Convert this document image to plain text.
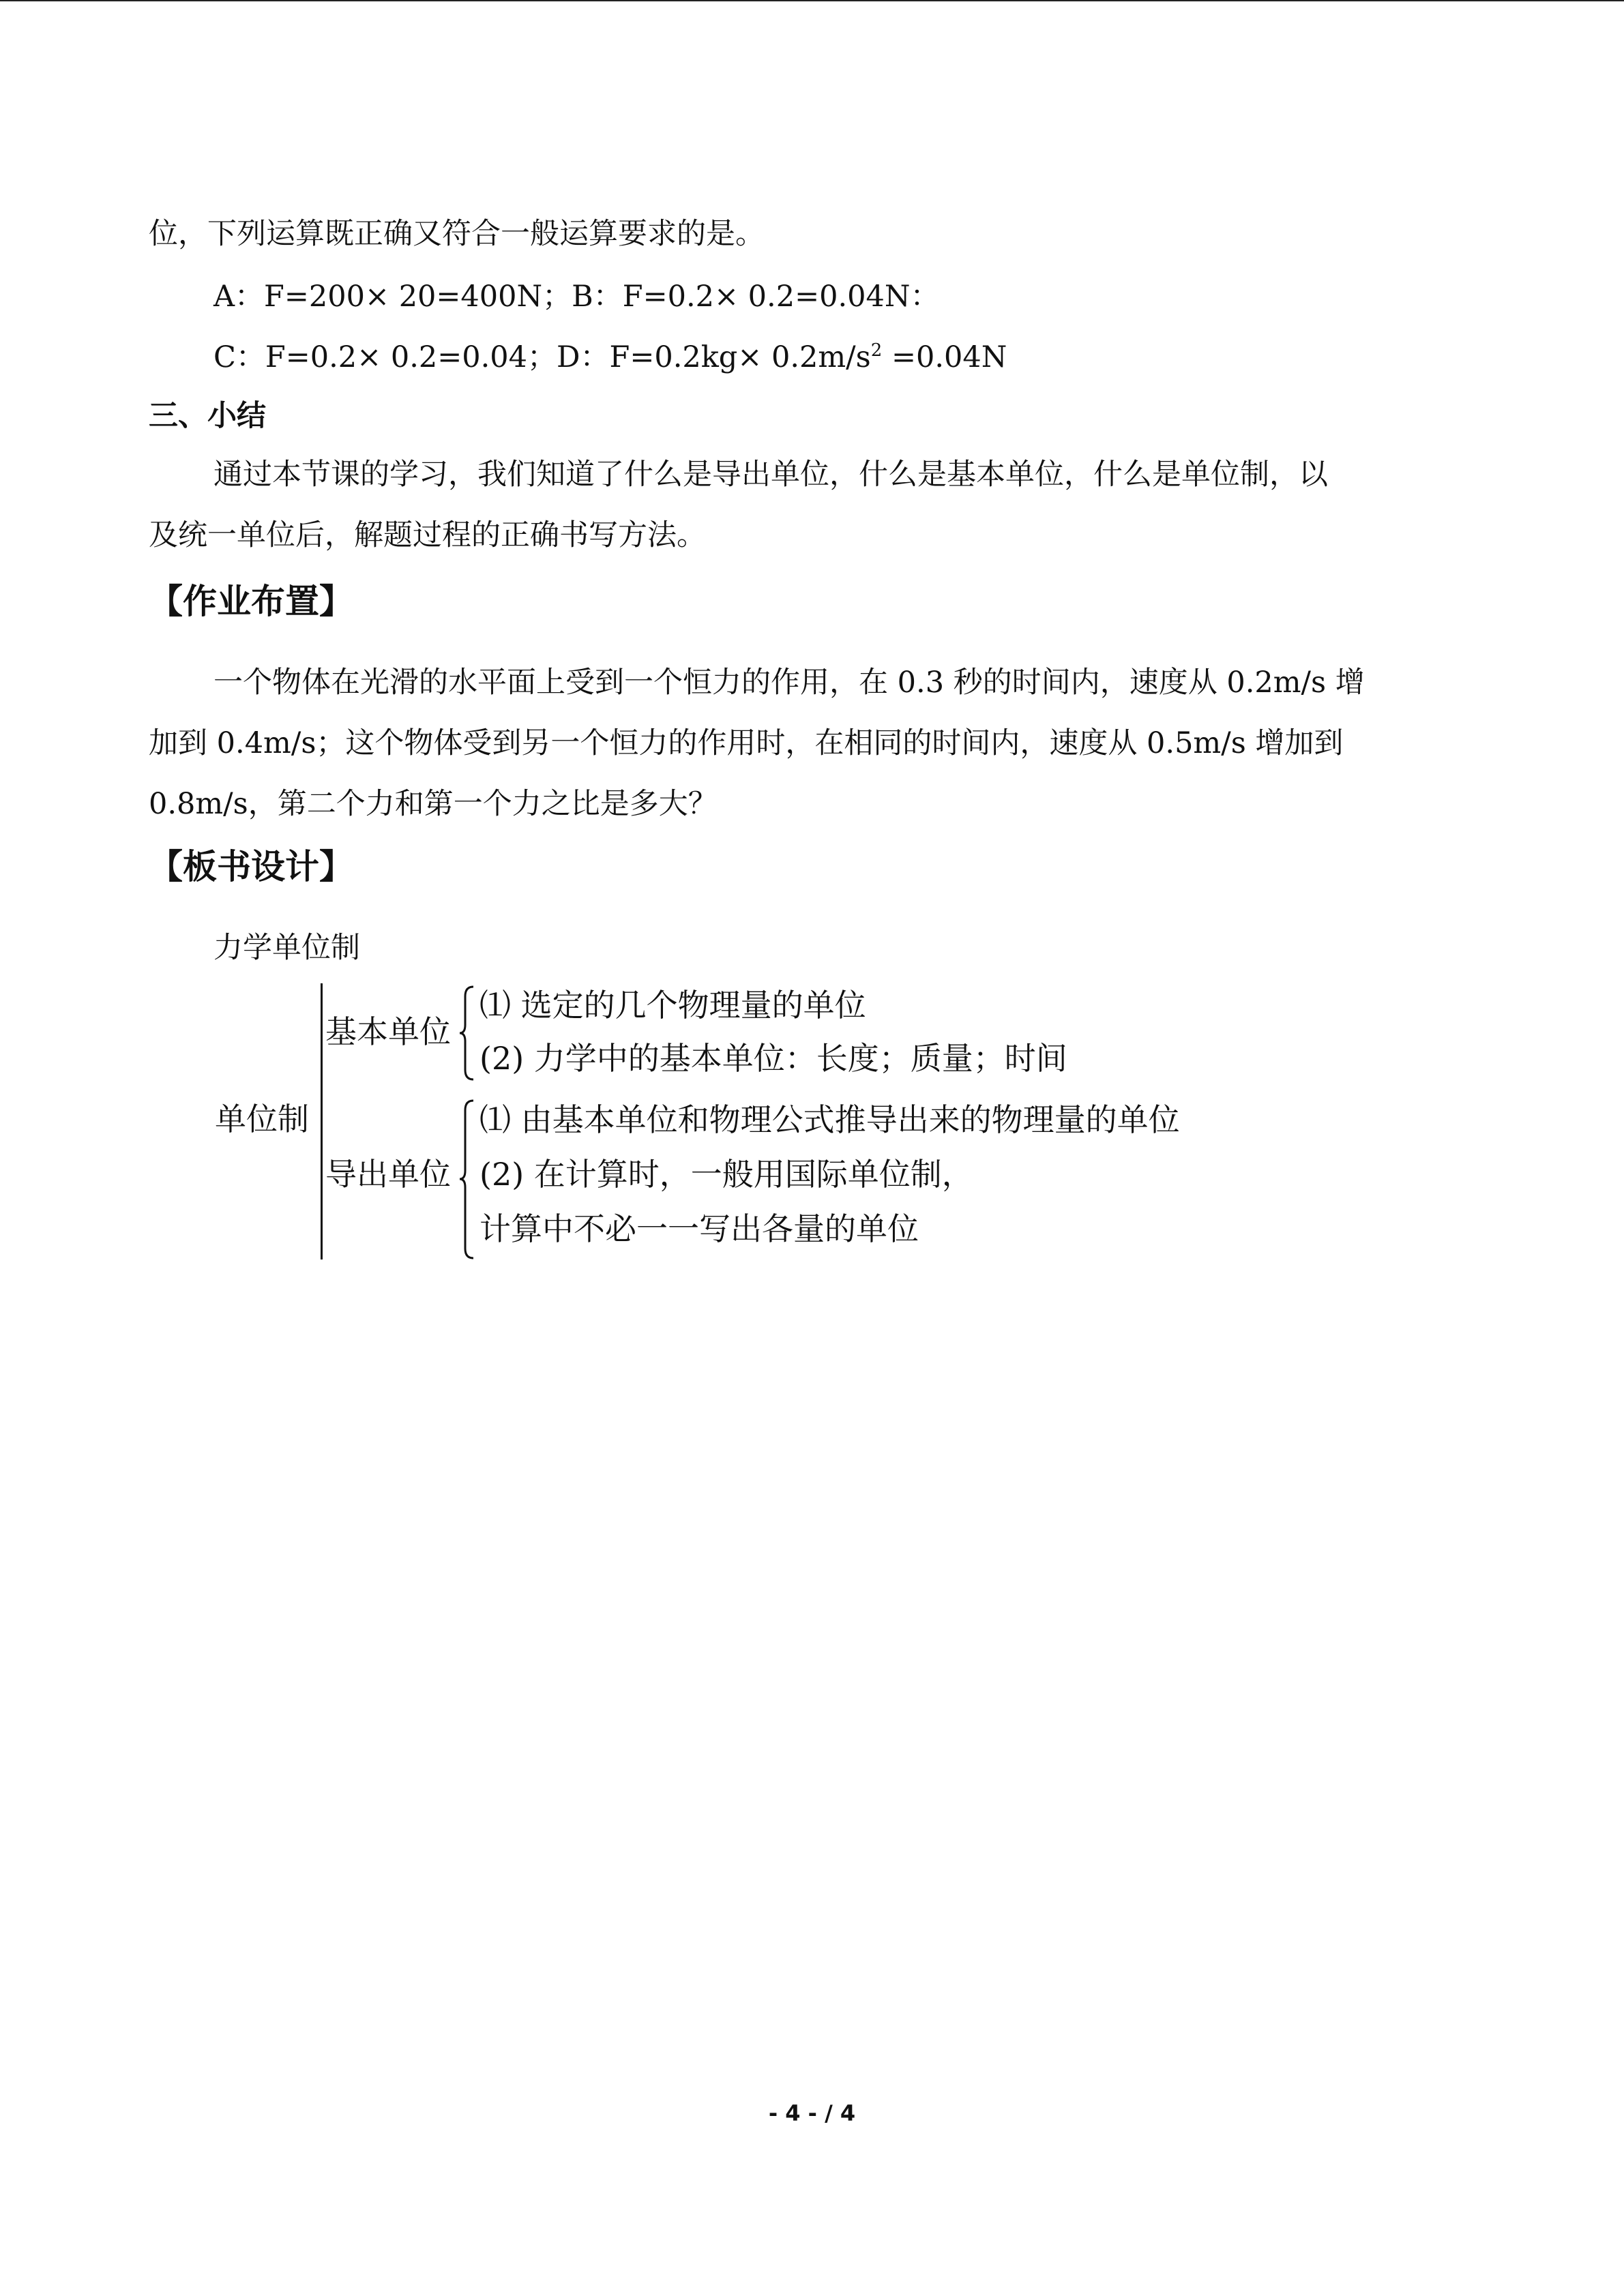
位，下列运算既正确又符合一般运算要求的是。
A：F=200× 20=400N；B：F=0.2× 0.2=0.04N：
C：F=0.2× 0.2=0.04；D：$F=0.2kg\times 0.2m/s^2 =0.04N$
三、小结
通过本节课的学习，我们知道了什么是导出单位，什么是基本单位，什么是单位制，以
及统一单位后，解题过程的正确书写方法。
【作业布置】
一个物体在光滑的水平面上受到一个恒力的作用，在 0.3 秒的时间内，速度从 0.2m/s 增
加到 0.4m/s；这个物体受到另一个恒力的作用时，在相同的时间内，速度从 0.5m/s 增加到
0.8m/s，第二个力和第一个力之比是多大？
【板书设计】
力学单位制
单位制
基本单位
⑴ 选定的几个物理量的单位
(2) 力学中的基本单位：长度；质量；时间
导出单位
⑴ 由基本单位和物理公式推导出来的物理量的单位
(2) 在计算时，一般用国际单位制，
计算中不必一一写出各量的单位
- 4 - / 4
